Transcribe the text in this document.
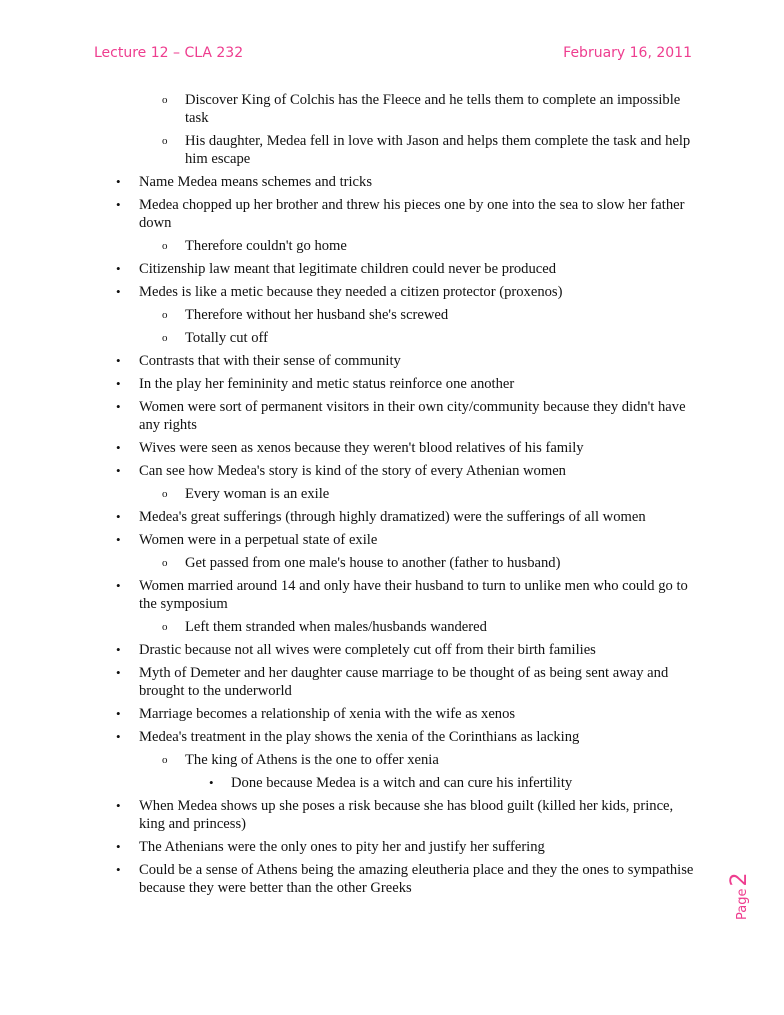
Lecture 12 – CLA 232	February 16, 2011
o Discover King of Colchis has the Fleece and he tells them to complete an impossible task
o His daughter, Medea fell in love with Jason and helps them complete the task and help him escape
• Name Medea means schemes and tricks
• Medea chopped up her brother and threw his pieces one by one into the sea to slow her father down
o Therefore couldn't go home
• Citizenship law meant that legitimate children could never be produced
• Medes is like a metic because they needed a citizen protector (proxenos)
o Therefore without her husband she's screwed
o Totally cut off
• Contrasts that with their sense of community
• In the play her femininity and metic status reinforce one another
• Women were sort of permanent visitors in their own city/community because they didn't have any rights
• Wives were seen as xenos because they weren't blood relatives of his family
• Can see how Medea's story is kind of the story of every Athenian women
o Every woman is an exile
• Medea's great sufferings (through highly dramatized) were the sufferings of all women
• Women were in a perpetual state of exile
o Get passed from one male's house to another (father to husband)
• Women married around 14 and only have their husband to turn to unlike men who could go to the symposium
o Left them stranded when males/husbands wandered
• Drastic because not all wives were completely cut off from their birth families
• Myth of Demeter and her daughter cause marriage to be thought of as being sent away and brought to the underworld
• Marriage becomes a relationship of xenia with the wife as xenos
• Medea's treatment in the play shows the xenia of the Corinthians as lacking
o The king of Athens is the one to offer xenia
• Done because Medea is a witch and can cure his infertility
• When Medea shows up she poses a risk because she has blood guilt (killed her kids, prince, king and princess)
• The Athenians were the only ones to pity her and justify her suffering
• Could be a sense of Athens being the amazing eleutheria place and they the ones to sympathise because they were better than the other Greeks
Page2
